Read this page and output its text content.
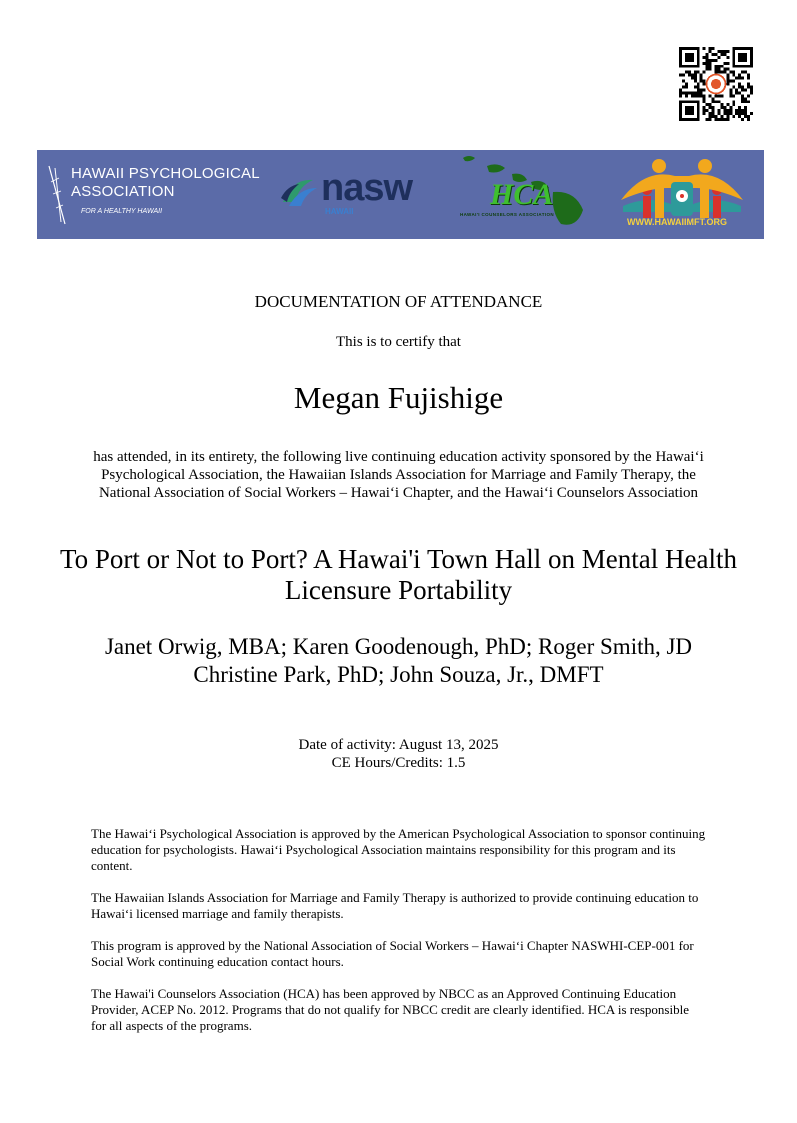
HAWAII PSYCHOLOGICAL
ASSOCIATION
FOR A HEALTHY HAWAII
nasw
HAWAII
HCA
HAWAI'I COUNSELORS ASSOCIATION
WWW.HAWAIIMFT.ORG
DOCUMENTATION OF ATTENDANCE
This is to certify that
Megan Fujishige
has attended, in its entirety, the following live continuing education activity sponsored by the Hawai‘i Psychological Association, the Hawaiian Islands Association for Marriage and Family Therapy, the National Association of Social Workers – Hawai‘i Chapter, and the Hawai‘i Counselors Association
To Port or Not to Port? A Hawai'i Town Hall on Mental Health Licensure Portability
Janet Orwig, MBA; Karen Goodenough, PhD; Roger Smith, JD
Christine Park, PhD; John Souza, Jr., DMFT
Date of activity: August 13, 2025
CE Hours/Credits: 1.5

The Hawai‘i Psychological Association is approved by the American Psychological Association to sponsor continuing education for psychologists. Hawai‘i Psychological Association maintains responsibility for this program and its content.

The Hawaiian Islands Association for Marriage and Family Therapy is authorized to provide continuing education to Hawai‘i licensed marriage and family therapists.

This program is approved by the National Association of Social Workers – Hawai‘i Chapter NASWHI-CEP-001 for Social Work continuing education contact hours.

The Hawai'i Counselors Association (HCA) has been approved by NBCC as an Approved Continuing Education Provider, ACEP No. 2012. Programs that do not qualify for NBCC credit are clearly identified. HCA is responsible for all aspects of the programs.
